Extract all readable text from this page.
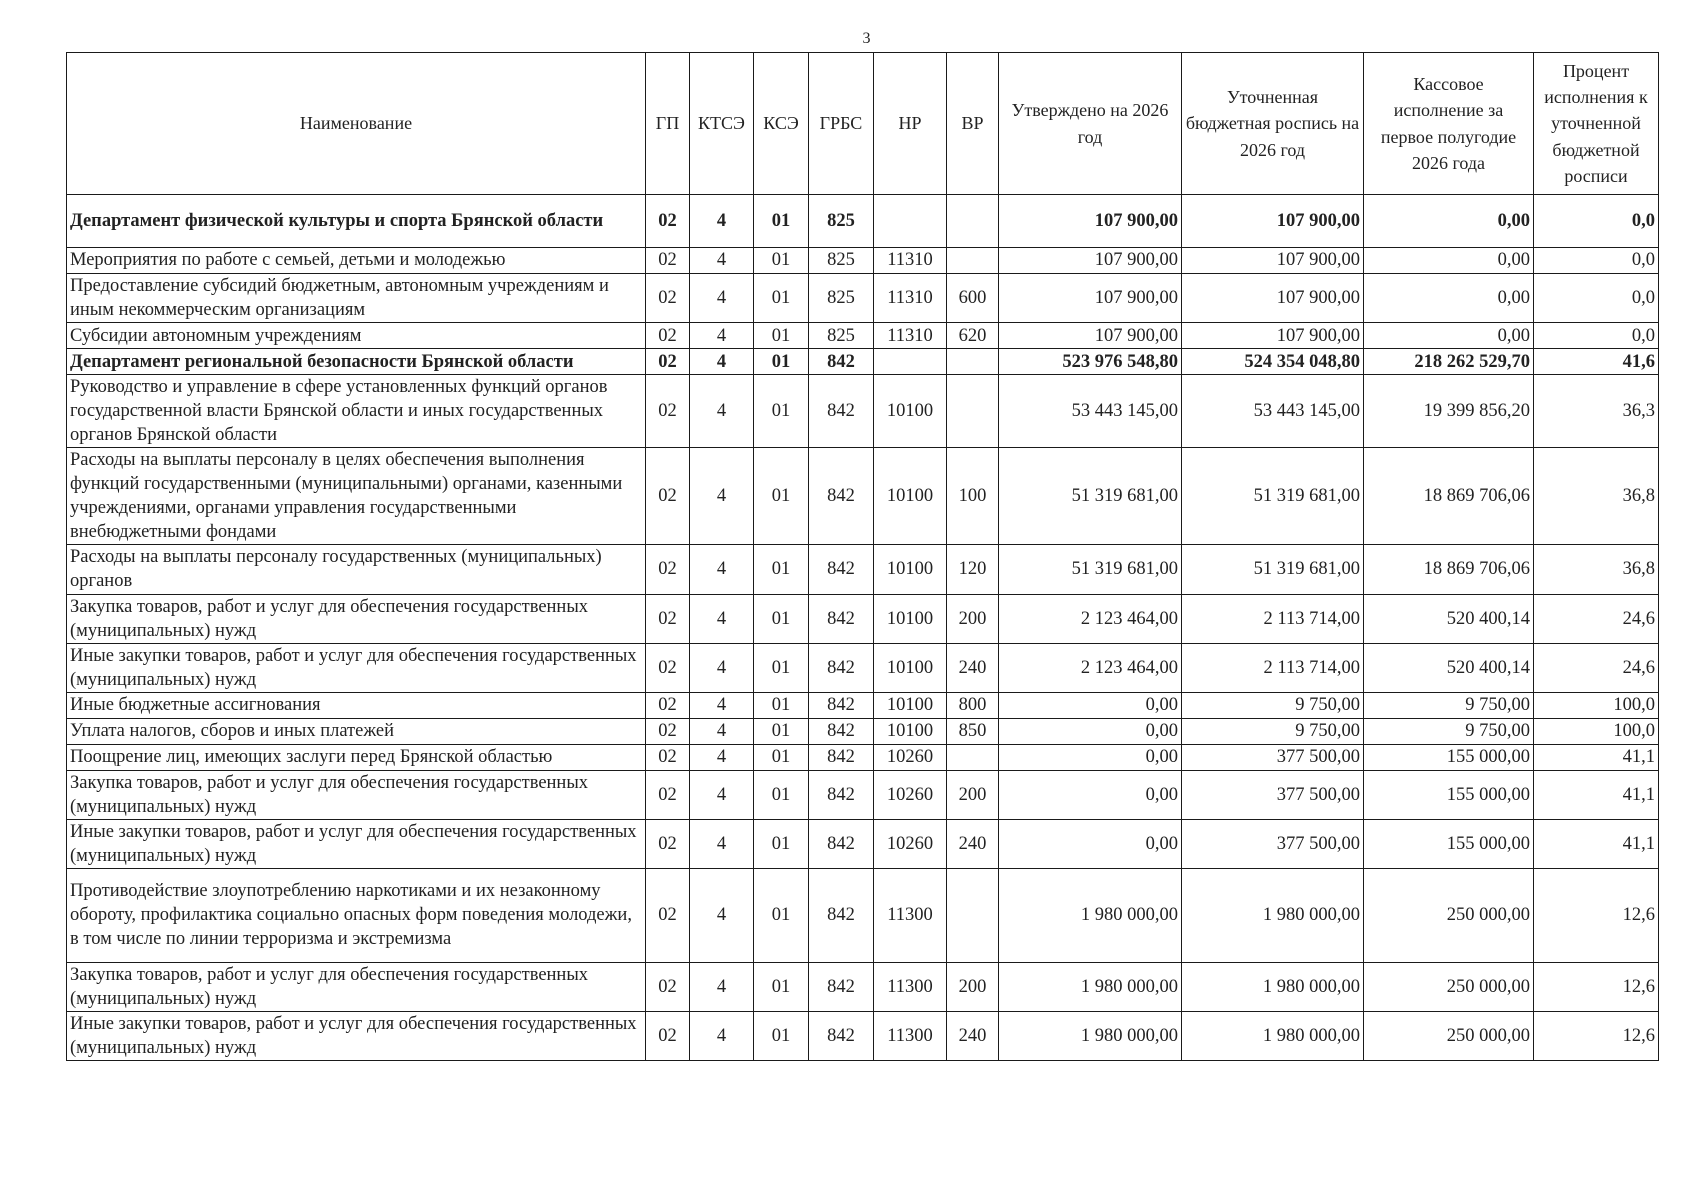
3
Наименование	ГП	КТСЭ	КСЭ	ГРБС	НР	ВР	Утверждено на 2026 год	Уточненная бюджетная роспись на 2026 год	Кассовое исполнение за первое полугодие 2026 года	Процент исполнения к уточненной бюджетной росписи
Департамент физической культуры и спорта Брянской области	02	4	01	825			107 900,00	107 900,00	0,00	0,0
Мероприятия по работе с семьей, детьми и молодежью	02	4	01	825	11310		107 900,00	107 900,00	0,00	0,0
Предоставление субсидий бюджетным, автономным учреждениям и иным некоммерческим организациям	02	4	01	825	11310	600	107 900,00	107 900,00	0,00	0,0
Субсидии автономным учреждениям	02	4	01	825	11310	620	107 900,00	107 900,00	0,00	0,0
Департамент региональной безопасности Брянской области	02	4	01	842			523 976 548,80	524 354 048,80	218 262 529,70	41,6
Руководство и управление в сфере установленных функций органов государственной власти Брянской области и иных государственных органов Брянской области	02	4	01	842	10100		53 443 145,00	53 443 145,00	19 399 856,20	36,3
Расходы на выплаты персоналу в целях обеспечения выполнения функций государственными (муниципальными) органами, казенными учреждениями, органами управления государственными внебюджетными фондами	02	4	01	842	10100	100	51 319 681,00	51 319 681,00	18 869 706,06	36,8
Расходы на выплаты персоналу государственных (муниципальных) органов	02	4	01	842	10100	120	51 319 681,00	51 319 681,00	18 869 706,06	36,8
Закупка товаров, работ и услуг для обеспечения государственных (муниципальных) нужд	02	4	01	842	10100	200	2 123 464,00	2 113 714,00	520 400,14	24,6
Иные закупки товаров, работ и услуг для обеспечения государственных (муниципальных) нужд	02	4	01	842	10100	240	2 123 464,00	2 113 714,00	520 400,14	24,6
Иные бюджетные ассигнования	02	4	01	842	10100	800	0,00	9 750,00	9 750,00	100,0
Уплата налогов, сборов и иных платежей	02	4	01	842	10100	850	0,00	9 750,00	9 750,00	100,0
Поощрение лиц, имеющих заслуги перед Брянской областью	02	4	01	842	10260		0,00	377 500,00	155 000,00	41,1
Закупка товаров, работ и услуг для обеспечения государственных (муниципальных) нужд	02	4	01	842	10260	200	0,00	377 500,00	155 000,00	41,1
Иные закупки товаров, работ и услуг для обеспечения государственных (муниципальных) нужд	02	4	01	842	10260	240	0,00	377 500,00	155 000,00	41,1
Противодействие злоупотреблению наркотиками и их незаконному обороту, профилактика социально опасных форм поведения молодежи, в том числе по линии терроризма и экстремизма	02	4	01	842	11300		1 980 000,00	1 980 000,00	250 000,00	12,6
Закупка товаров, работ и услуг для обеспечения государственных (муниципальных) нужд	02	4	01	842	11300	200	1 980 000,00	1 980 000,00	250 000,00	12,6
Иные закупки товаров, работ и услуг для обеспечения государственных (муниципальных) нужд	02	4	01	842	11300	240	1 980 000,00	1 980 000,00	250 000,00	12,6
